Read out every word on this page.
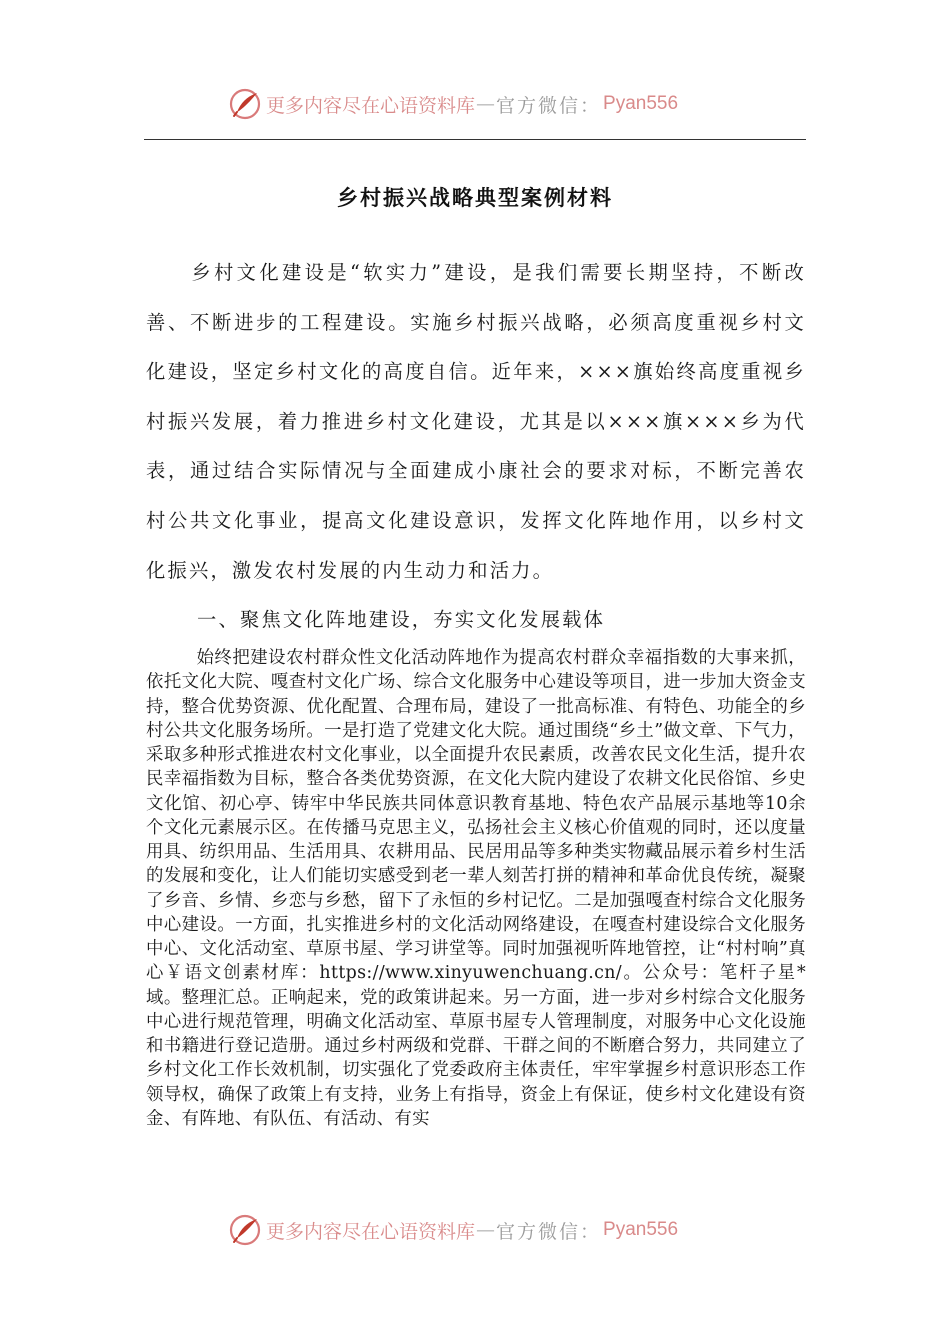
更多内容尽在心语资料库 — 官方微信： Pyan556
乡村振兴战略典型案例材料

乡村文化建设是“软实力”建设，是我们需要长期坚持，不断改善、不断进步的工程建设。实施乡村振兴战略，必须高度重视乡村文化建设，坚定乡村文化的高度自信。近年来，×××旗始终高度重视乡村振兴发展，着力推进乡村文化建设，尤其是以×××旗×××乡为代表，通过结合实际情况与全面建成小康社会的要求对标，不断完善农村公共文化事业，提高文化建设意识，发挥文化阵地作用，以乡村文化振兴，激发农村发展的内生动力和活力。

一、聚焦文化阵地建设，夯实文化发展载体

始终把建设农村群众性文化活动阵地作为提高农村群众幸福指数的大事来抓，依托文化大院、嘎查村文化广场、综合文化服务中心建设等项目，进一步加大资金支持，整合优势资源、优化配置、合理布局，建设了一批高标准、有特色、功能全的乡村公共文化服务场所。一是打造了党建文化大院。通过围绕“乡土”做文章、下气力，采取多种形式推进农村文化事业，以全面提升农民素质，改善农民文化生活，提升农民幸福指数为目标，整合各类优势资源，在文化大院内建设了农耕文化民俗馆、乡史文化馆、初心亭、铸牢中华民族共同体意识教育基地、特色农产品展示基地等10余个文化元素展示区。在传播马克思主义，弘扬社会主义核心价值观的同时，还以度量用具、纺织用品、生活用具、农耕用品、民居用品等多种类实物藏品展示着乡村生活的发展和变化，让人们能切实感受到老一辈人刻苦打拼的精神和革命优良传统，凝聚了乡音、乡情、乡恋与乡愁，留下了永恒的乡村记忆。二是加强嘎查村综合文化服务中心建设。一方面，扎实推进乡村的文化活动网络建设，在嘎查村建设综合文化服务中心、文化活动室、草原书屋、学习讲堂等。同时加强视听阵地管控，让“村村响”真心￥语文创素材库：https://www.xinyuwenchuang.cn/。公众号：笔杆子星*域。整理汇总。正响起来，党的政策讲起来。另一方面，进一步对乡村综合文化服务中心进行规范管理，明确文化活动室、草原书屋专人管理制度，对服务中心文化设施和书籍进行登记造册。通过乡村两级和党群、干群之间的不断磨合努力，共同建立了乡村文化工作长效机制，切实强化了党委政府主体责任，牢牢掌握乡村意识形态工作领导权，确保了政策上有支持，业务上有指导，资金上有保证，使乡村文化建设有资金、有阵地、有队伍、有活动、有实

更多内容尽在心语资料库 — 官方微信： Pyan556
